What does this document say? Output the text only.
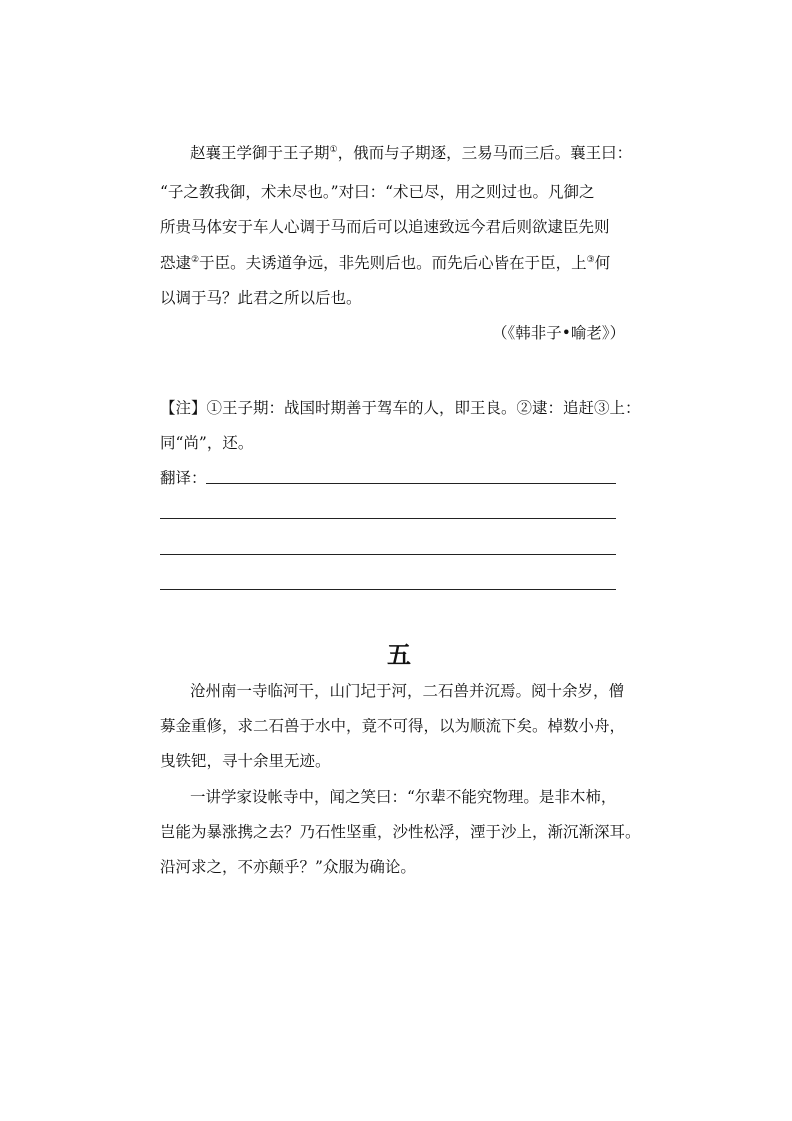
赵襄王学御于王子期①，俄而与子期逐，三易马而三后。襄王曰：
“子之教我御，术未尽也。”对曰：“术已尽，用之则过也。凡御之
所贵马体安于车人心调于马而后可以追速致远今君后则欲逮臣先则
恐逮②于臣。夫诱道争远，非先则后也。而先后心皆在于臣，上③何
以调于马？此君之所以后也。
（《韩非子•喻老》）
【注】①王子期：战国时期善于驾车的人，即王良。②逮：追赶③上：
同“尚”，还。
翻译：
五
沧州南一寺临河干，山门圮于河，二石兽并沉焉。阅十余岁，僧
募金重修，求二石兽于水中，竟不可得，以为顺流下矣。棹数小舟，
曳铁钯，寻十余里无迹。
一讲学家设帐寺中，闻之笑曰：“尔辈不能究物理。是非木柿，
岂能为暴涨携之去？乃石性坚重，沙性松浮，湮于沙上，渐沉渐深耳。
沿河求之，不亦颠乎？”众服为确论。
